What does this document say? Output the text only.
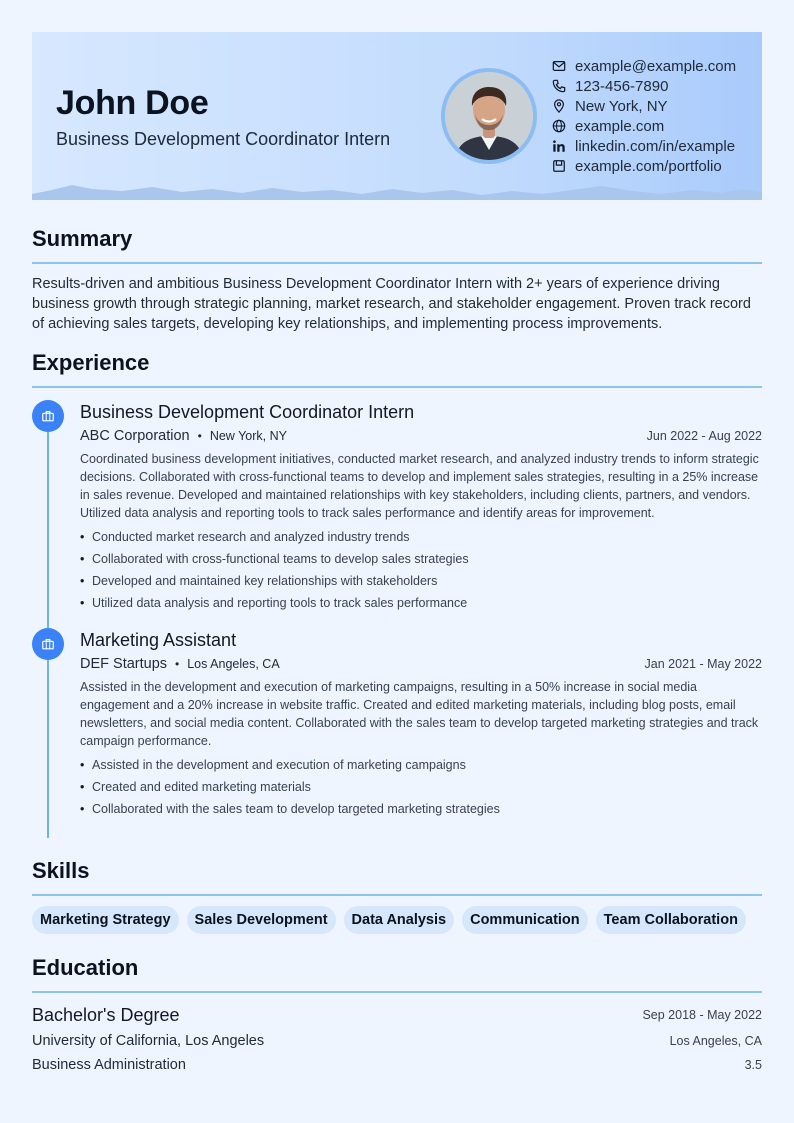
John Doe
Business Development Coordinator Intern
example@example.com
123-456-7890
New York, NY
example.com
linkedin.com/in/example
example.com/portfolio
Summary

Results-driven and ambitious Business Development Coordinator Intern with 2+ years of experience driving business growth through strategic planning, market research, and stakeholder engagement. Proven track record of achieving sales targets, developing key relationships, and implementing process improvements.

Experience
Business Development Coordinator Intern
ABC Corporation • New York, NY	Jun 2022 - Aug 2022
Coordinated business development initiatives, conducted market research, and analyzed industry trends to inform strategic decisions. Collaborated with cross-functional teams to develop and implement sales strategies, resulting in a 25% increase in sales revenue. Developed and maintained relationships with key stakeholders, including clients, partners, and vendors. Utilized data analysis and reporting tools to track sales performance and identify areas for improvement.
• Conducted market research and analyzed industry trends
• Collaborated with cross-functional teams to develop sales strategies
• Developed and maintained key relationships with stakeholders
• Utilized data analysis and reporting tools to track sales performance
Marketing Assistant
DEF Startups • Los Angeles, CA	Jan 2021 - May 2022
Assisted in the development and execution of marketing campaigns, resulting in a 50% increase in social media engagement and a 20% increase in website traffic. Created and edited marketing materials, including blog posts, email newsletters, and social media content. Collaborated with the sales team to develop targeted marketing strategies and track campaign performance.
• Assisted in the development and execution of marketing campaigns
• Created and edited marketing materials
• Collaborated with the sales team to develop targeted marketing strategies
Skills
Marketing Strategy	Sales Development	Data Analysis	Communication	Team Collaboration
Education
Bachelor's Degree	Sep 2018 - May 2022
University of California, Los Angeles	Los Angeles, CA
Business Administration	3.5
